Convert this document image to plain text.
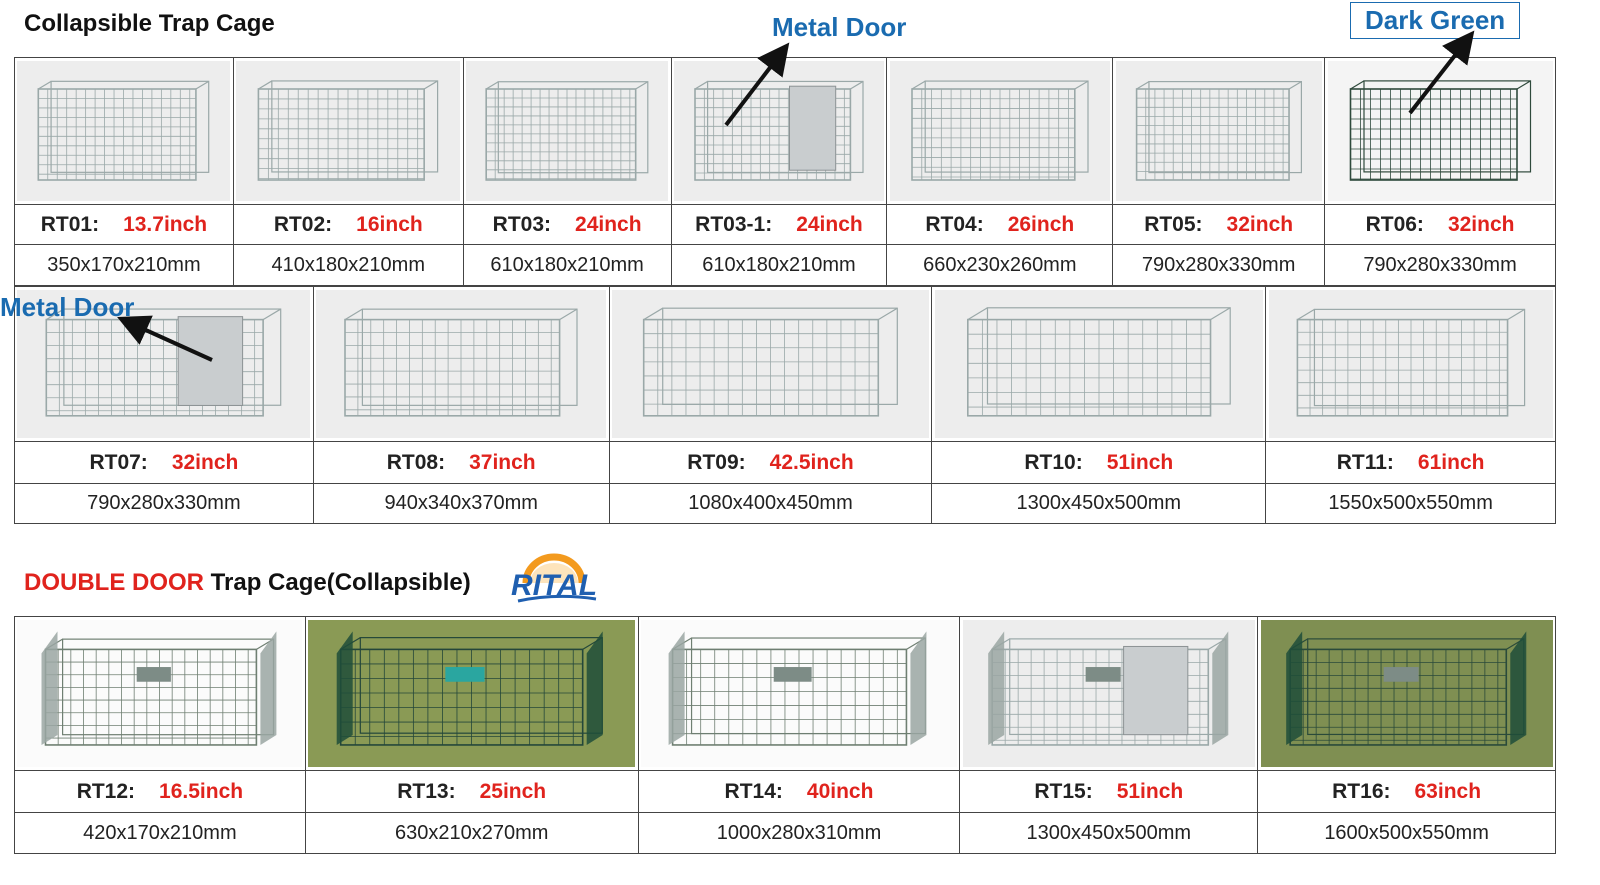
Collapsible Trap Cage	Metal Door	Dark Green

RT01: 13.7inch	RT02: 16inch	RT03: 24inch	RT03-1: 24inch	RT04: 26inch	RT05: 32inch	RT06: 32inch
350x170x210mm	410x180x210mm	610x180x210mm	610x180x210mm	660x230x260mm	790x280x330mm	790x280x330mm

RT07: 32inch	RT08: 37inch	RT09: 42.5inch	RT10: 51inch	RT11: 61inch
790x280x330mm	940x340x370mm	1080x400x450mm	1300x450x500mm	1550x500x550mm
Metal Door
DOUBLE DOOR Trap Cage(Collapsible) RITAL

RT12: 16.5inch	RT13: 25inch	RT14: 40inch	RT15: 51inch	RT16: 63inch
420x170x210mm	630x210x270mm	1000x280x310mm	1300x450x500mm	1600x500x550mm
